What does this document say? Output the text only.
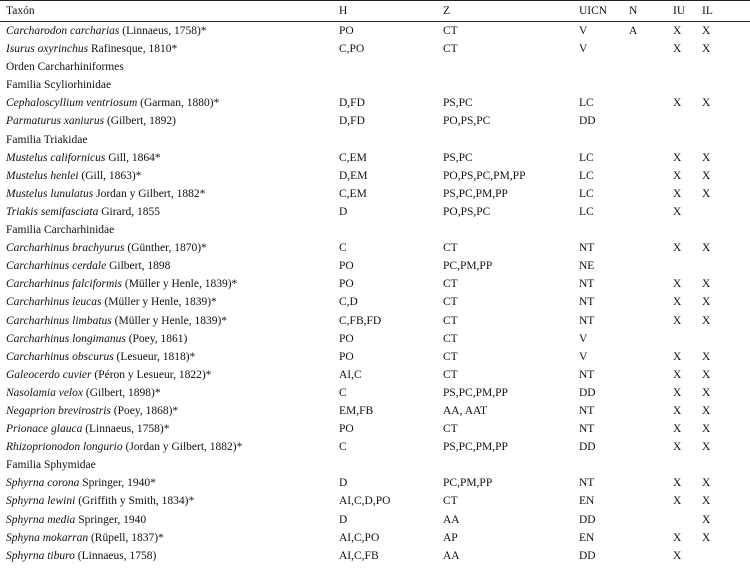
Taxón	H	Z	UICN	N	IU	IL
Carcharodon carcharias (Linnaeus, 1758)*	PO	CT	V	A	X	X
Isurus oxyrinchus Rafinesque, 1810*	C,PO	CT	V		X	X
Orden Carcharhiniformes						
Familia Scyliorhinidae						
Cephaloscyllium ventriosum (Garman, 1880)*	D,FD	PS,PC	LC		X	X
Parmaturus xaniurus (Gilbert, 1892)	D,FD	PO,PS,PC	DD			
Familia Triakidae						
Mustelus californicus Gill, 1864*	C,EM	PS,PC	LC		X	X
Mustelus henlei (Gill, 1863)*	D,EM	PO,PS,PC,PM,PP	LC		X	X
Mustelus lunulatus Jordan y Gilbert, 1882*	C,EM	PS,PC,PM,PP	LC		X	X
Triakis semifasciata Girard, 1855	D	PO,PS,PC	LC		X	
Familia Carcharhinidae						
Carcharhinus brachyurus (Günther, 1870)*	C	CT	NT		X	X
Carcharhinus cerdale Gilbert, 1898	PO	PC,PM,PP	NE			
Carcharhinus falciformis (Müller y Henle, 1839)*	PO	CT	NT		X	X
Carcharhinus leucas (Müller y Henle, 1839)*	C,D	CT	NT		X	X
Carcharhinus limbatus (Müller y Henle, 1839)*	C,FB,FD	CT	NT		X	X
Carcharhinus longimanus (Poey, 1861)	PO	CT	V			
Carcharhinus obscurus (Lesueur, 1818)*	PO	CT	V		X	X
Galeocerdo cuvier (Péron y Lesueur, 1822)*	AI,C	CT	NT		X	X
Nasolamia velox (Gilbert, 1898)*	C	PS,PC,PM,PP	DD		X	X
Negaprion brevirostris (Poey, 1868)*	EM,FB	AA, AAT	NT		X	X
Prionace glauca (Linnaeus, 1758)*	PO	CT	NT		X	X
Rhizoprionodon longurio (Jordan y Gilbert, 1882)*	C	PS,PC,PM,PP	DD		X	X
Familia Sphymidae						
Sphyrna corona Springer, 1940*	D	PC,PM,PP	NT		X	X
Sphyrna lewini (Griffith y Smith, 1834)*	AI,C,D,PO	CT	EN		X	X
Sphyrna media Springer, 1940	D	AA	DD			X
Sphyna mokarran (Rüpell, 1837)*	AI,C,PO	AP	EN		X	X
Sphyrna tiburo (Linnaeus, 1758)	AI,C,FB	AA	DD		X	
